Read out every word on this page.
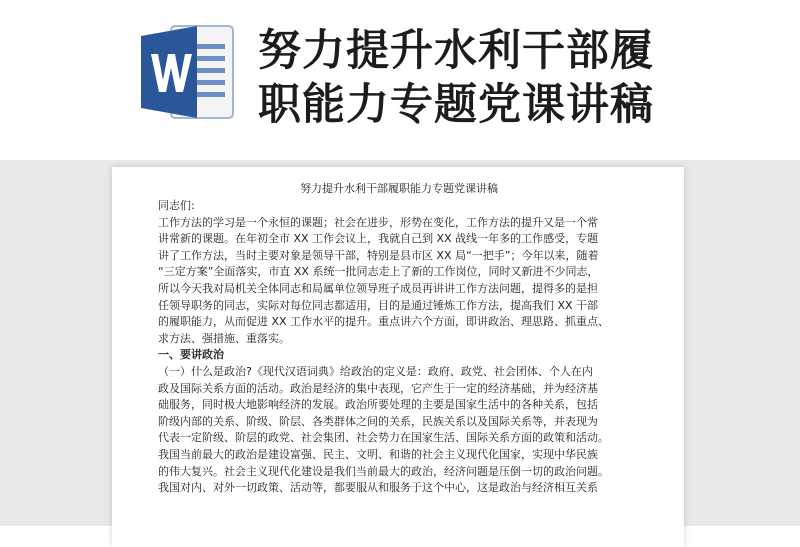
努力提升水利干部履
职能力专题党课讲稿
努力提升水利干部履职能力专题党课讲稿

同志们:

工作方法的学习是一个永恒的课题；社会在进步，形势在变化，工作方法的提升又是一个常

讲常新的课题。在年初全市 XX 工作会议上，我就自己到 XX 战线一年多的工作感受，专题

讲了工作方法，当时主要对象是领导干部，特别是县市区 XX 局“一把手”；今年以来，随着

“三定方案”全面落实，市直 XX 系统一批同志走上了新的工作岗位，同时又新进不少同志，

所以今天我对局机关全体同志和局属单位领导班子成员再讲讲工作方法问题，提得多的是担

任领导职务的同志，实际对每位同志都适用，目的是通过锤炼工作方法，提高我们 XX 干部

的履职能力，从而促进 XX 工作水平的提升。重点讲六个方面，即讲政治、理思路、抓重点、

求方法、强措施、重落实。

一、要讲政治

（一）什么是政治?《现代汉语词典》给政治的定义是：政府、政党、社会团体、个人在内

政及国际关系方面的活动。政治是经济的集中表现，它产生于一定的经济基础，并为经济基

础服务，同时极大地影响经济的发展。政治所要处理的主要是国家生活中的各种关系，包括

阶级内部的关系、阶级、阶层、各类群体之间的关系，民族关系以及国际关系等，并表现为

代表一定阶级、阶层的政党、社会集团、社会势力在国家生活、国际关系方面的政策和活动。

我国当前最大的政治是建设富强、民主、文明、和谐的社会主义现代化国家，实现中华民族

的伟大复兴。社会主义现代化建设是我们当前最大的政治，经济问题是压倒一切的政治问题。

我国对内、对外一切政策、活动等，都要服从和服务于这个中心，这是政治与经济相互关系
